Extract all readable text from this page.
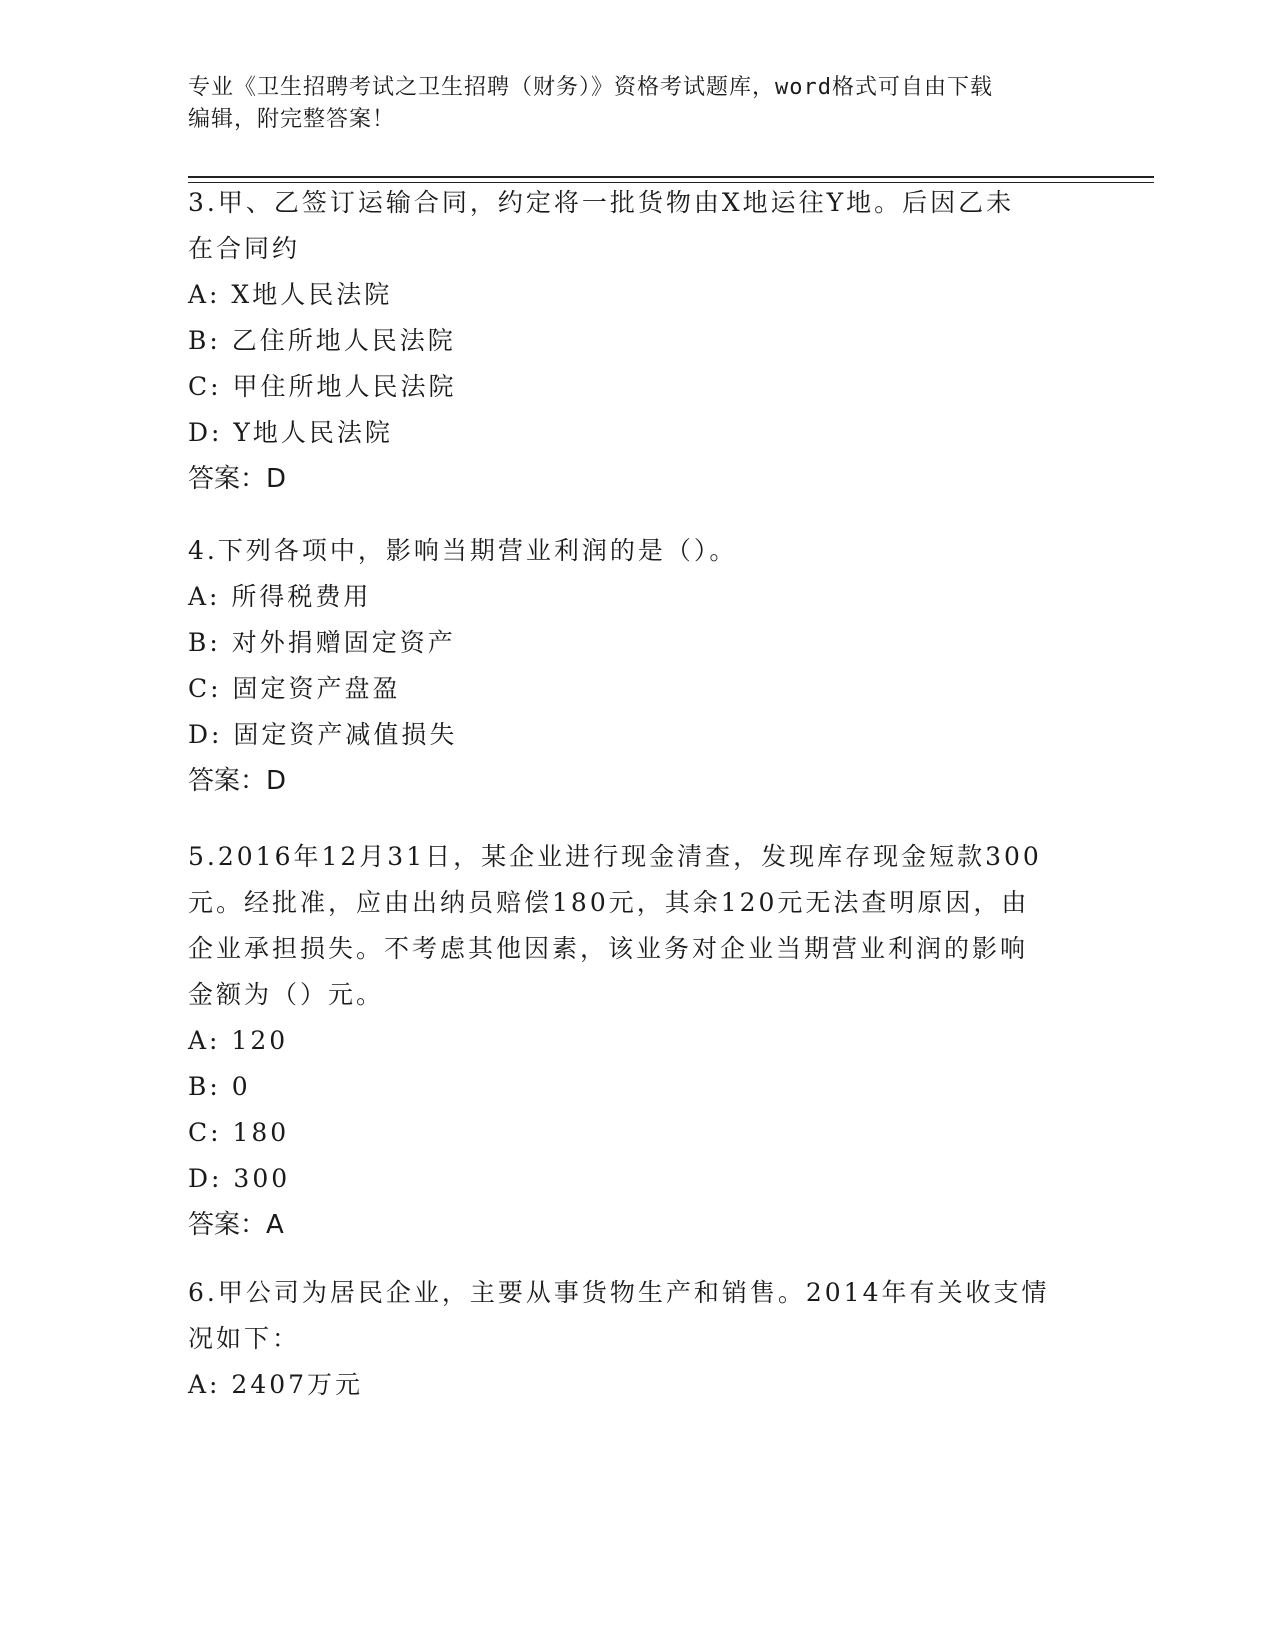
专业《卫生招聘考试之卫生招聘（财务）》资格考试题库，word格式可自由下载
编辑，附完整答案！

3.甲、乙签订运输合同，约定将一批货物由X地运往Y地。后因乙未

在合同约

A: X地人民法院

B: 乙住所地人民法院

C: 甲住所地人民法院

D: Y地人民法院

答案：D

4.下列各项中，影响当期营业利润的是（）。

A: 所得税费用

B: 对外捐赠固定资产

C: 固定资产盘盈

D: 固定资产减值损失

答案：D

5.2016年12月31日，某企业进行现金清查，发现库存现金短款300

元。经批准，应由出纳员赔偿180元，其余120元无法查明原因，由

企业承担损失。不考虑其他因素，该业务对企业当期营业利润的影响

金额为（）元。

A: 120

B: 0

C: 180

D: 300

答案：A

6.甲公司为居民企业，主要从事货物生产和销售。2014年有关收支情

况如下：

A: 2407万元
